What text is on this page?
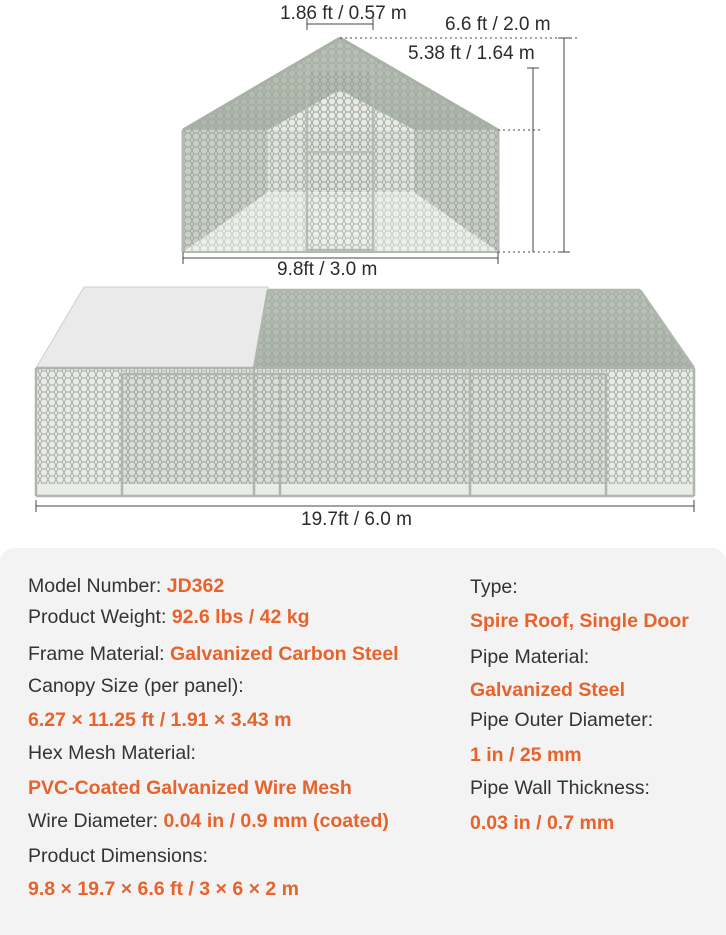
1.86 ft / 0.57 m
6.6 ft / 2.0 m
5.38 ft / 1.64 m
9.8ft / 3.0 m
19.7ft / 6.0 m
Model Number: JD362
Product Weight: 92.6 lbs / 42 kg
Frame Material: Galvanized Carbon Steel
Canopy Size (per panel):
6.27 × 11.25 ft / 1.91 × 3.43 m
Hex Mesh Material:
PVC-Coated Galvanized Wire Mesh
Wire Diameter: 0.04 in / 0.9 mm (coated)
Product Dimensions:
9.8 × 19.7 × 6.6 ft / 3 × 6 × 2 m
Type:
Spire Roof, Single Door
Pipe Material:
Galvanized Steel
Pipe Outer Diameter:
1 in / 25 mm
Pipe Wall Thickness:
0.03 in / 0.7 mm
